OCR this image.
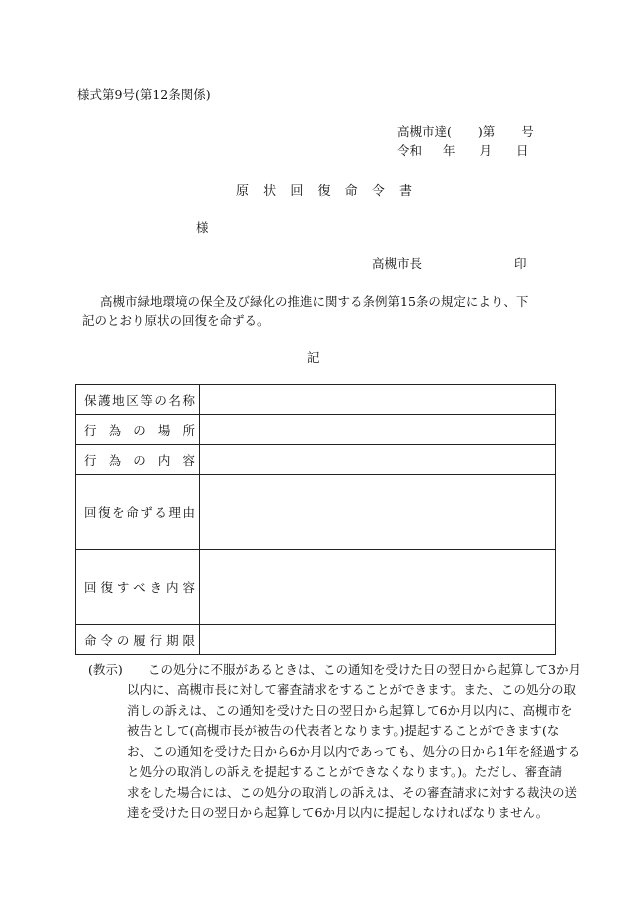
様式第9号(第12条関係)
高槻市達( )第 号
令和 年 月 日
原 状 回 復 命 令 書
様
高槻市長	印
高槻市緑地環境の保全及び緑化の推進に関する条例第15条の規定により、下記のとおり原状の回復を命ずる。
記
保護地区等の名称	
行為の場所	
行為の内容	
回復を命ずる理由	
回復すべき内容	
命令の履行期限	
(教示) この処分に不服があるときは、この通知を受けた日の翌日から起算して3か月
以内に、高槻市長に対して審査請求をすることができます。また、この処分の取
消しの訴えは、この通知を受けた日の翌日から起算して6か月以内に、高槻市を
被告として(高槻市長が被告の代表者となります。)提起することができます(な
お、この通知を受けた日から6か月以内であっても、処分の日から1年を経過する
と処分の取消しの訴えを提起することができなくなります。)。ただし、審査請
求をした場合には、この処分の取消しの訴えは、その審査請求に対する裁決の送
達を受けた日の翌日から起算して6か月以内に提起しなければなりません。
